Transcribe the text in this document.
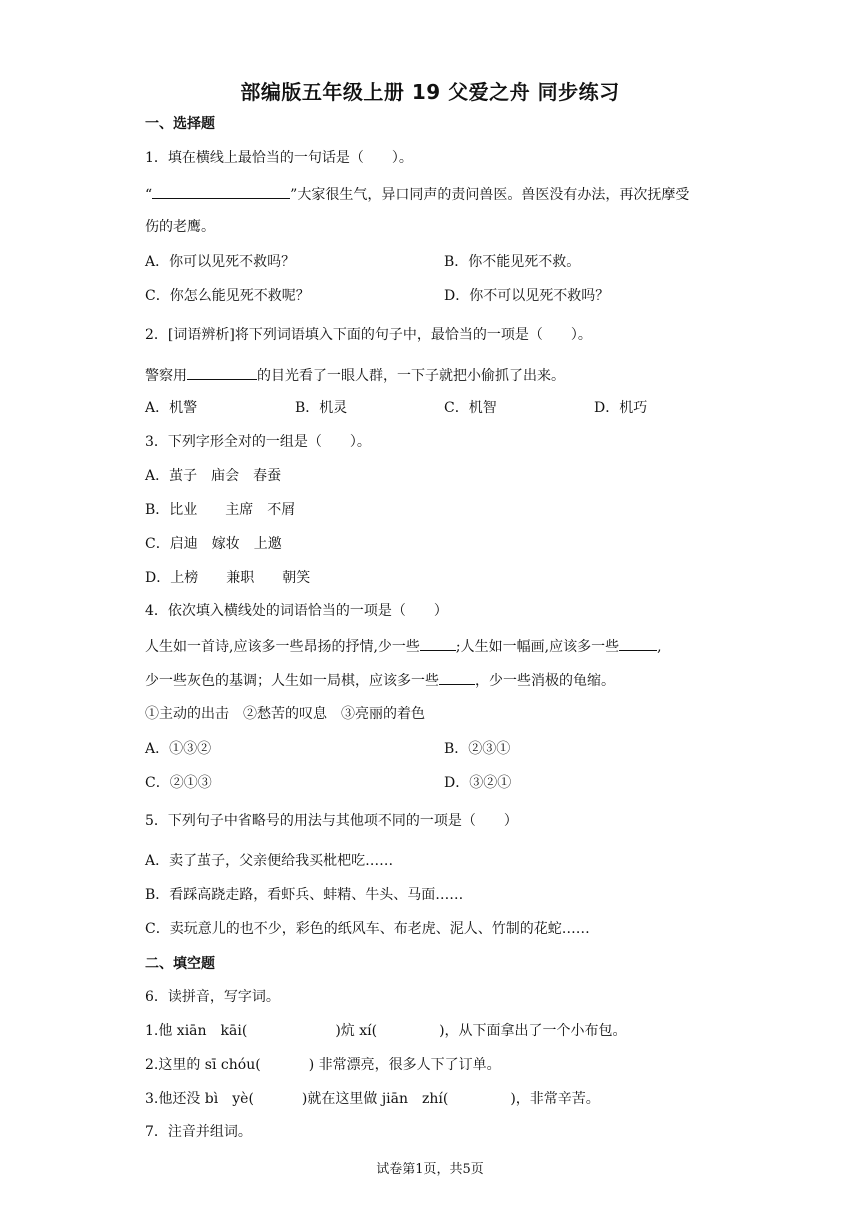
部编版五年级上册 19 父爱之舟 同步练习
一、选择题
1．填在横线上最恰当的一句话是（　　）。
“	”大家很生气，异口同声的责问兽医。兽医没有办法，再次抚摩受
伤的老鹰。
A．你可以见死不救吗？	B．你不能见死不救。
C．你怎么能见死不救呢？	D．你不可以见死不救吗？
2．[词语辨析]将下列词语填入下面的句子中，最恰当的一项是（　　）。
警察用	的目光看了一眼人群，一下子就把小偷抓了出来。
A．机警	B．机灵	C．机智	D．机巧
3．下列字形全对的一组是（　　）。
A．茧子　庙会　春蚕
B．比业　　主席　不屑
C．启迪　嫁妆　上邀
D．上榜　　兼职　　朝笑
4．依次填入横线处的词语恰当的一项是（　　）
人生如一首诗,应该多一些昂扬的抒情,少一些	;人生如一幅画,应该多一些	,
少一些灰色的基调；人生如一局棋，应该多一些	，少一些消极的龟缩。
①主动的出击　②愁苦的叹息　③亮丽的着色
A．①③②	B．②③①
C．②①③	D．③②①
5．下列句子中省略号的用法与其他项不同的一项是（　　）
A．卖了茧子，父亲便给我买枇杷吃……
B．看踩高跷走路，看虾兵、蚌精、牛头、马面……
C．卖玩意儿的也不少，彩色的纸风车、布老虎、泥人、竹制的花蛇……
二、填空题
6．读拼音，写字词。
1.他 xiān　kāi(	)炕 xí(	)，从下面拿出了一个小布包。
2.这里的 sī chóu(	) 非常漂亮，很多人下了订单。
3.他还没 bì　yè(	)就在这里做 jiān　zhí(	)，非常辛苦。
7．注音并组词。
试卷第1页，共5页
